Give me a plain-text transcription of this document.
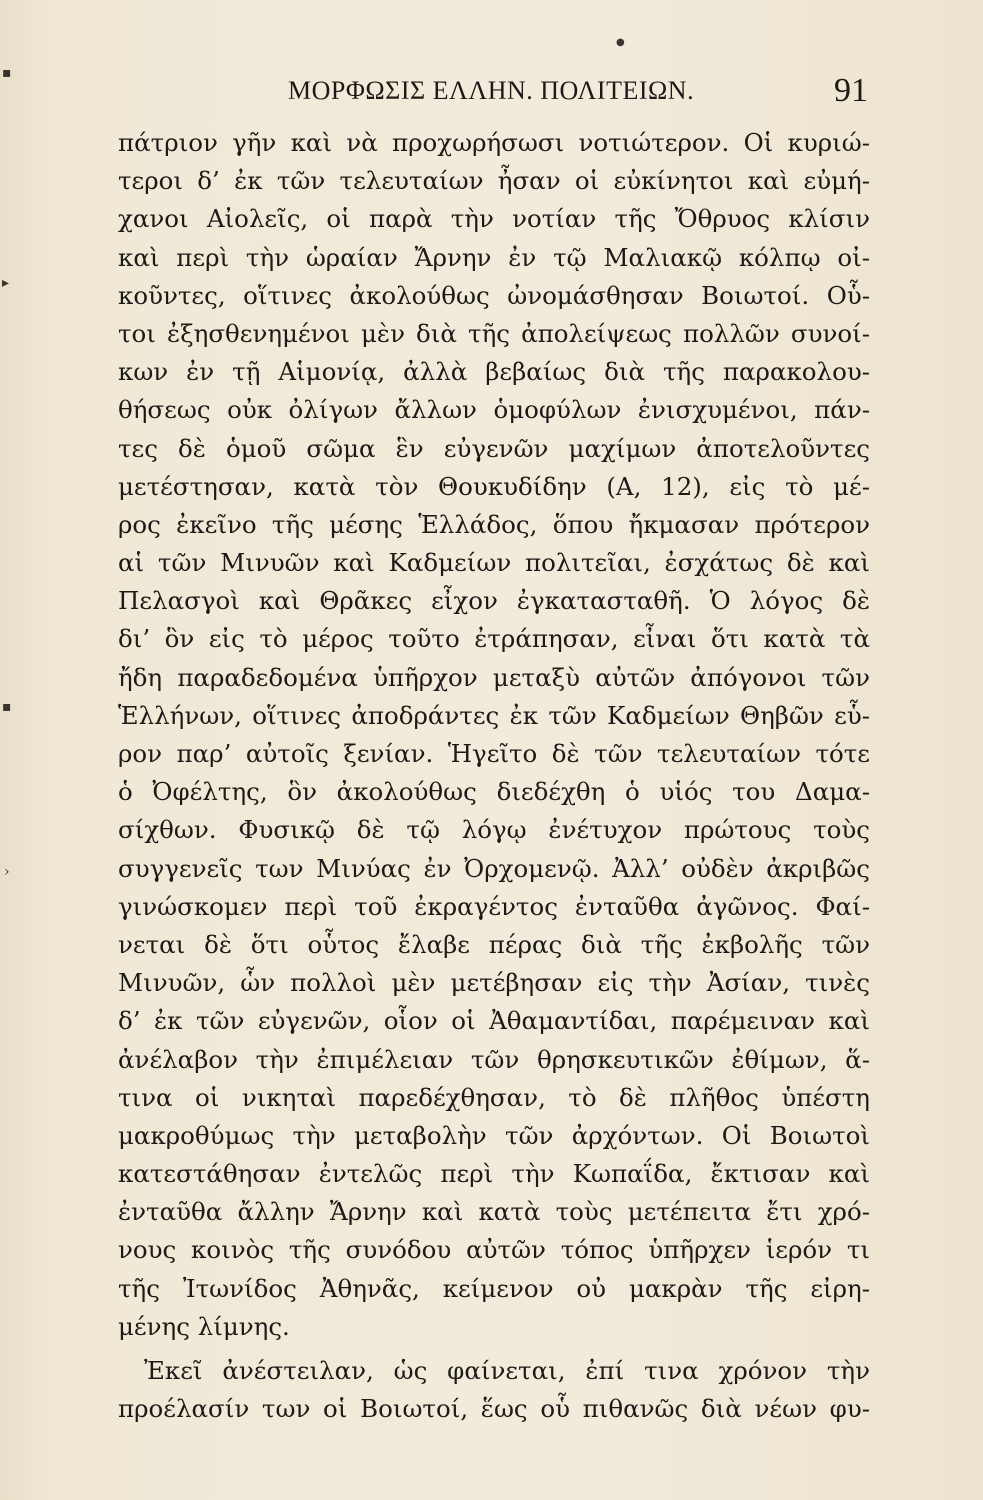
▪
▸
▪
›
●
ΜΟΡΦΩΣΙΣ ΕΛΛΗΝ. ΠΟΛΙΤΕΙΩΝ.	91
πάτριον γῆν καὶ νὰ προχωρήσωσι νοτιώτερον. Οἱ κυριώ-
τεροι δ’ ἐκ τῶν τελευταίων ἦσαν οἱ εὐκίνητοι καὶ εὐμή-
χανοι Αἰολεῖς, οἱ παρὰ τὴν νοτίαν τῆς Ὄθρυος κλίσιν
καὶ περὶ τὴν ὡραίαν Ἄρνην ἐν τῷ Μαλιακῷ κόλπῳ οἰ-
κοῦντες, οἵτινες ἀκολούθως ὠνομάσθησαν Βοιωτοί. Οὗ-
τοι ἐξησθενημένοι μὲν διὰ τῆς ἀπολείψεως πολλῶν συνοί-
κων ἐν τῇ Αἱμονίᾳ, ἀλλὰ βεβαίως διὰ τῆς παρακολου-
θήσεως οὐκ ὀλίγων ἄλλων ὁμοφύλων ἐνισχυμένοι, πάν-
τες δὲ ὁμοῦ σῶμα ἓν εὐγενῶν μαχίμων ἀποτελοῦντες
μετέστησαν, κατὰ τὸν Θουκυδίδην (Α, 12), εἰς τὸ μέ-
ρος ἐκεῖνο τῆς μέσης Ἑλλάδος, ὅπου ἤκμασαν πρότερον
αἱ τῶν Μινυῶν καὶ Καδμείων πολιτεῖαι, ἐσχάτως δὲ καὶ
Πελασγοὶ καὶ Θρᾶκες εἶχον ἐγκατασταθῆ. Ὁ λόγος δὲ
δι’ ὃν εἰς τὸ μέρος τοῦτο ἐτράπησαν, εἶναι ὅτι κατὰ τὰ
ἤδη παραδεδομένα ὑπῆρχον μεταξὺ αὐτῶν ἀπόγονοι τῶν
Ἑλλήνων, οἵτινες ἀποδράντες ἐκ τῶν Καδμείων Θηβῶν εὗ-
ρον παρ’ αὐτοῖς ξενίαν. Ἡγεῖτο δὲ τῶν τελευταίων τότε
ὁ Ὀφέλτης, ὃν ἀκολούθως διεδέχθη ὁ υἱός του Δαμα-
σίχθων. Φυσικῷ δὲ τῷ λόγῳ ἐνέτυχον πρώτους τοὺς
συγγενεῖς των Μινύας ἐν Ὀρχομενῷ. Ἀλλ’ οὐδὲν ἀκριβῶς
γινώσκομεν περὶ τοῦ ἐκραγέντος ἐνταῦθα ἀγῶνος. Φαί-
νεται δὲ ὅτι οὗτος ἔλαβε πέρας διὰ τῆς ἐκβολῆς τῶν
Μινυῶν, ὧν πολλοὶ μὲν μετέβησαν εἰς τὴν Ἀσίαν, τινὲς
δ’ ἐκ τῶν εὐγενῶν, οἷον οἱ Ἀθαμαντίδαι, παρέμειναν καὶ
ἀνέλαβον τὴν ἐπιμέλειαν τῶν θρησκευτικῶν ἐθίμων, ἅ-
τινα οἱ νικηταὶ παρεδέχθησαν, τὸ δὲ πλῆθος ὑπέστη
μακροθύμως τὴν μεταβολὴν τῶν ἀρχόντων. Οἱ Βοιωτοὶ
κατεστάθησαν ἐντελῶς περὶ τὴν Κωπαΐδα, ἔκτισαν καὶ
ἐνταῦθα ἄλλην Ἄρνην καὶ κατὰ τοὺς μετέπειτα ἔτι χρό-
νους κοινὸς τῆς συνόδου αὐτῶν τόπος ὑπῆρχεν ἱερόν τι
τῆς Ἰτωνίδος Ἀθηνᾶς, κείμενον οὐ μακρὰν τῆς εἰρη-
μένης λίμνης.
Ἐκεῖ ἀνέστειλαν, ὡς φαίνεται, ἐπί τινα χρόνον τὴν
προέλασίν των οἱ Βοιωτοί, ἕως οὗ πιθανῶς διὰ νέων φυ-
